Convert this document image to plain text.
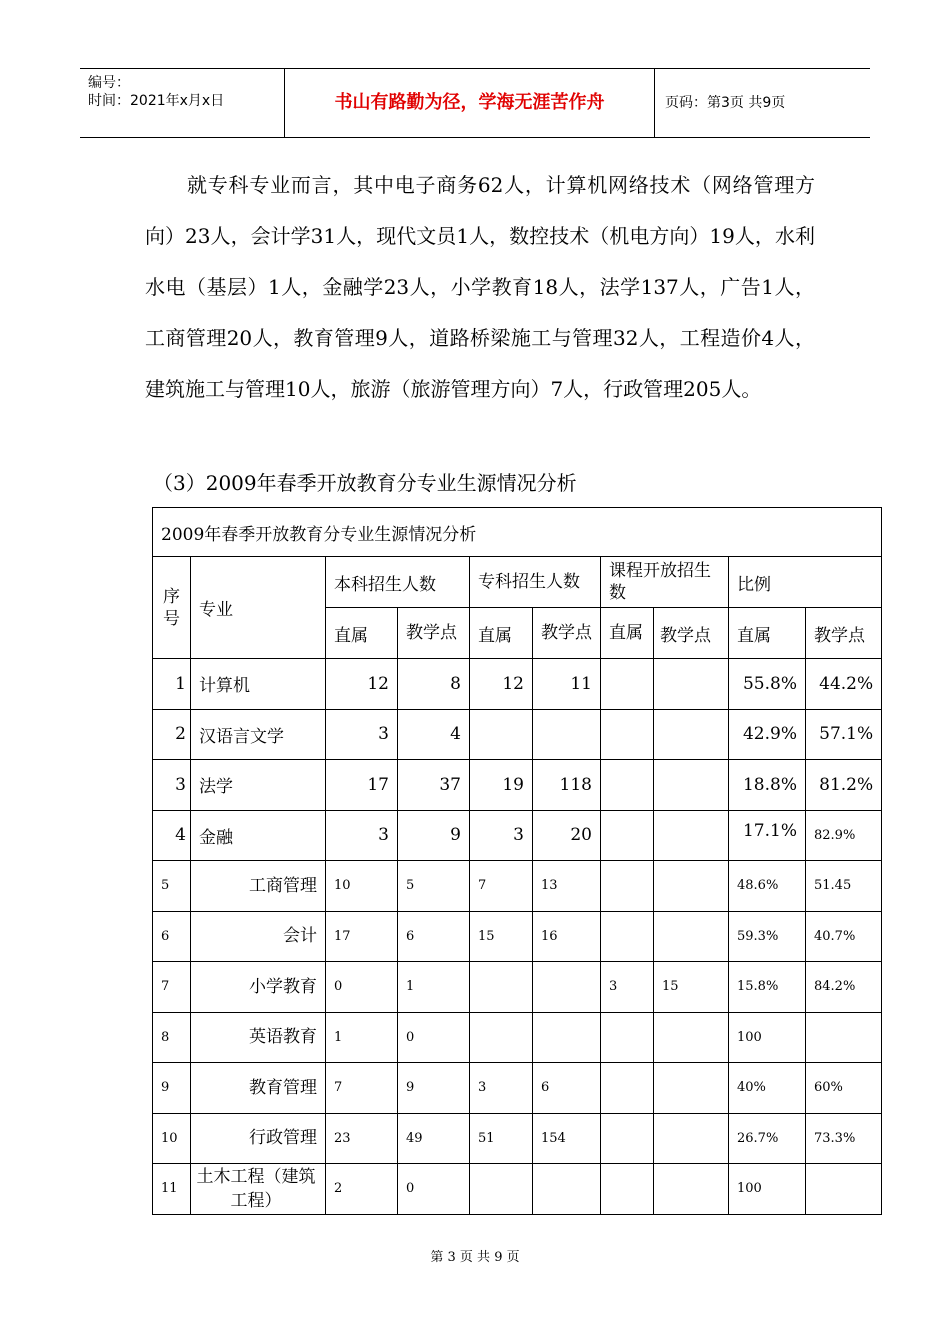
编号：
时间：2021年x月x日	书山有路勤为径，学海无涯苦作舟	页码：第3页 共9页

就专科专业而言，其中电子商务62人，计算机网络技术（网络管理方向）23人，会计学31人，现代文员1人，数控技术（机电方向）19人，水利水电（基层）1人，金融学23人，小学教育18人，法学137人，广告1人，工商管理20人，教育管理9人，道路桥梁施工与管理32人，工程造价4人，建筑施工与管理10人，旅游（旅游管理方向）7人，行政管理205人。

（3）2009年春季开放教育分专业生源情况分析
2009年春季开放教育分专业生源情况分析									
序号	专业	本科招生人数		专科招生人数		课程开放招生数		比例	
		直属	教学点	直属	教学点	直属	教学点	直属	教学点
1	计算机	12	8	12	11			55.8%	44.2%
2	汉语言文学	3	4					42.9%	57.1%
3	法学	17	37	19	118			18.8%	81.2%
4	金融	3	9	3	20			17.1%	82.9%
5	工商管理	10	5	7	13			48.6%	51.45
6	会计	17	6	15	16			59.3%	40.7%
7	小学教育	0	1			3	15	15.8%	84.2%
8	英语教育	1	0					100	
9	教育管理	7	9	3	6			40%	60%
10	行政管理	23	49	51	154			26.7%	73.3%
11	土木工程（建筑工程）	2	0					100	
第 3 页 共 9 页
